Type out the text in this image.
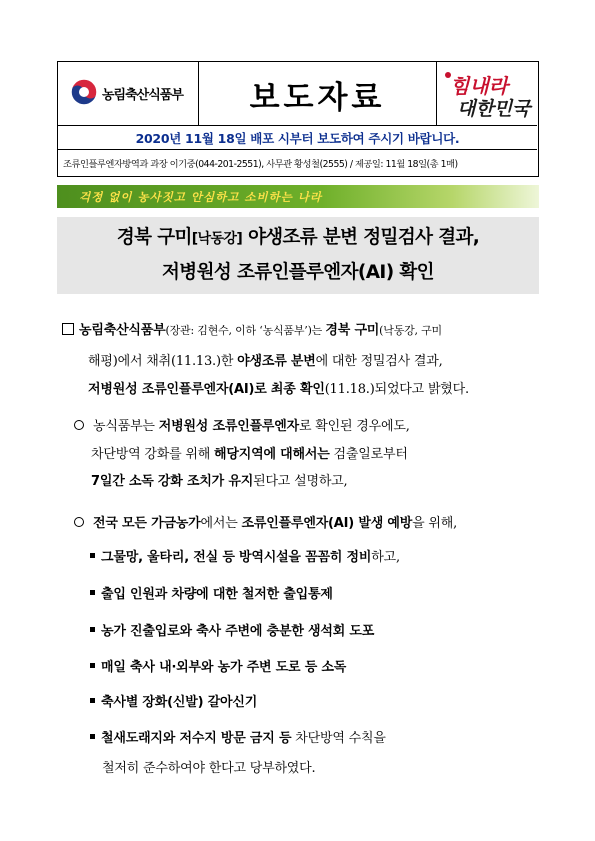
농림축산식품부 보도자료	힘내라
대한민국
2020년 11월 18일 배포 시부터 보도하여 주시기 바랍니다.
조류인플루엔자방역과 과장 이기중(044-201-2551), 사무관 황성철(2555) / 제공일: 11월 18일(총 1매)
걱정 없이 농사짓고 안심하고 소비하는 나라
경북 구미[낙동강] 야생조류 분변 정밀검사 결과,
저병원성 조류인플루엔자(AI) 확인
농림축산식품부(장관: 김현수, 이하 ‘농식품부’)는 경북 구미(낙동강, 구미
해평)에서 채취(11.13.)한 야생조류 분변에 대한 정밀검사 결과,
저병원성 조류인플루엔자(AI)로 최종 확인(11.18.)되었다고 밝혔다.
농식품부는 저병원성 조류인플루엔자로 확인된 경우에도,
차단방역 강화를 위해 해당지역에 대해서는 검출일로부터
7일간 소독 강화 조치가 유지된다고 설명하고,
전국 모든 가금농가에서는 조류인플루엔자(AI) 발생 예방을 위해,
그물망, 울타리, 전실 등 방역시설을 꼼꼼히 정비하고,
출입 인원과 차량에 대한 철저한 출입통제
농가 진출입로와 축사 주변에 충분한 생석회 도포
매일 축사 내·외부와 농가 주변 도로 등 소독
축사별 장화(신발) 갈아신기
철새도래지와 저수지 방문 금지 등 차단방역 수칙을
철저히 준수하여야 한다고 당부하였다.
